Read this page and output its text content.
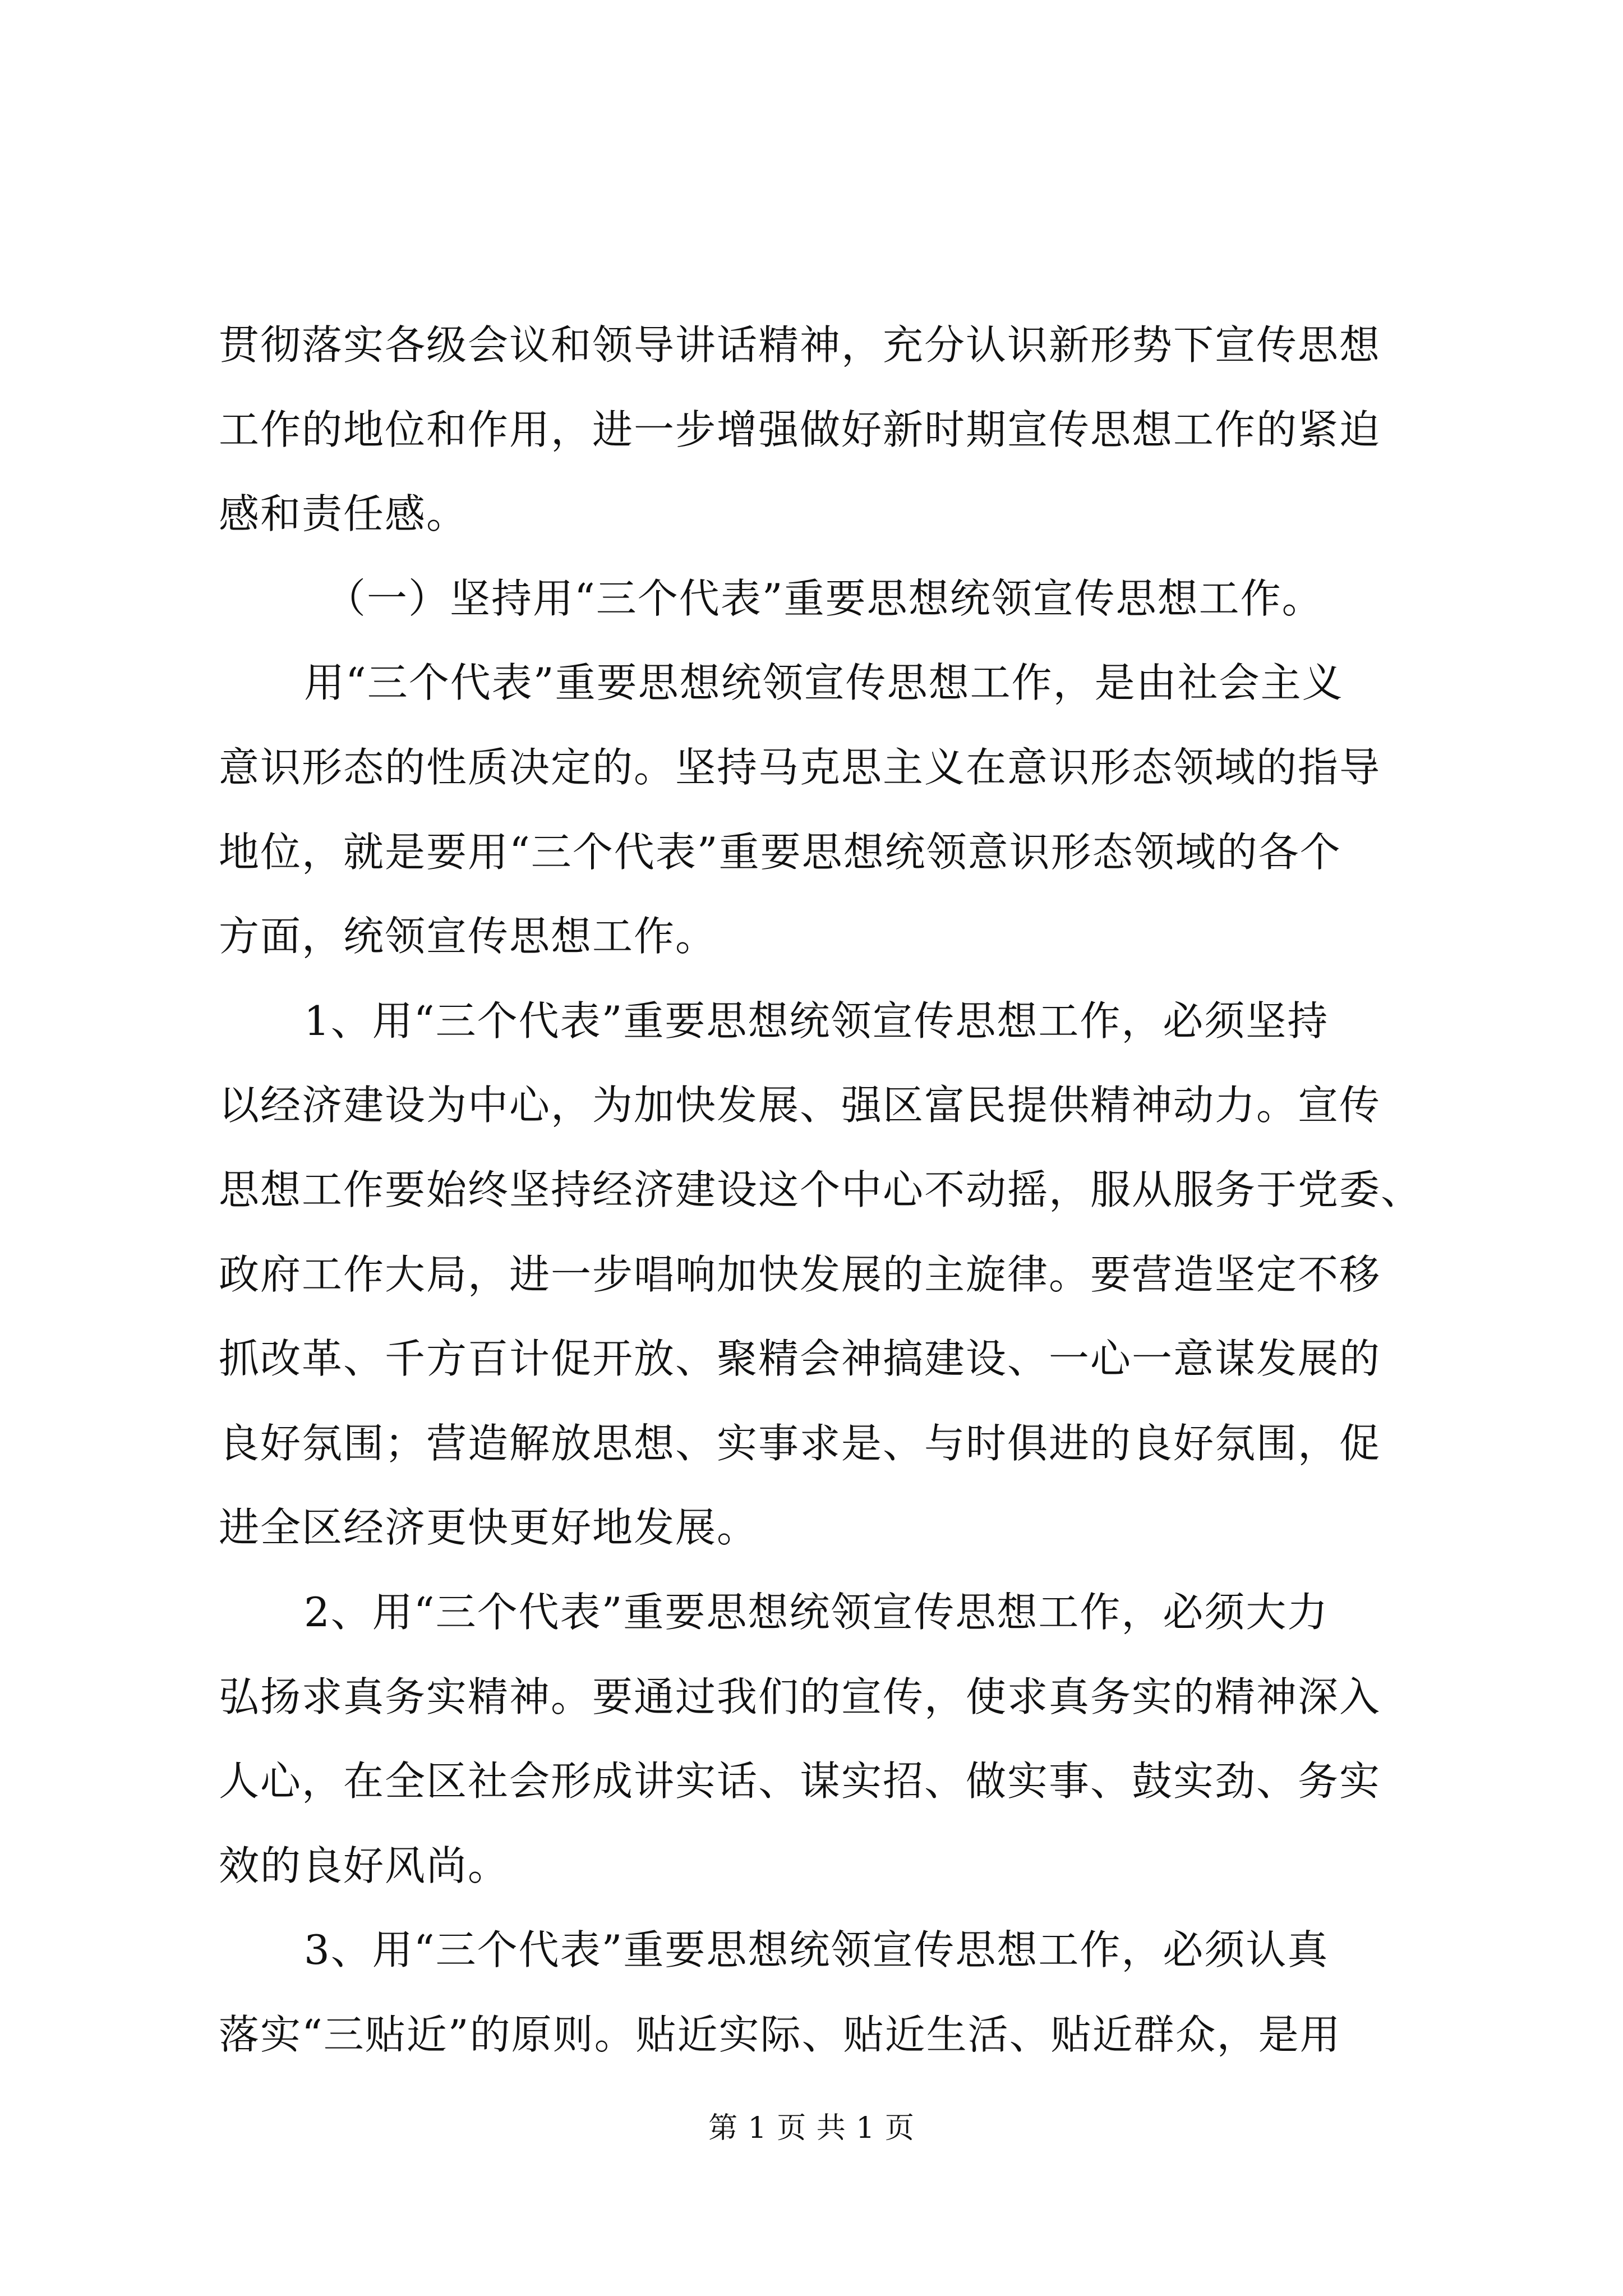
贯彻落实各级会议和领导讲话精神，充分认识新形势下宣传思想
工作的地位和作用，进一步增强做好新时期宣传思想工作的紧迫
感和责任感。
（一）坚持用“三个代表”重要思想统领宣传思想工作。
用“三个代表”重要思想统领宣传思想工作，是由社会主义
意识形态的性质决定的。坚持马克思主义在意识形态领域的指导
地位，就是要用“三个代表”重要思想统领意识形态领域的各个
方面，统领宣传思想工作。
1、用“三个代表”重要思想统领宣传思想工作，必须坚持
以经济建设为中心，为加快发展、强区富民提供精神动力。宣传
思想工作要始终坚持经济建设这个中心不动摇，服从服务于党委、
政府工作大局，进一步唱响加快发展的主旋律。要营造坚定不移
抓改革、千方百计促开放、聚精会神搞建设、一心一意谋发展的
良好氛围；营造解放思想、实事求是、与时俱进的良好氛围，促
进全区经济更快更好地发展。
2、用“三个代表”重要思想统领宣传思想工作，必须大力
弘扬求真务实精神。要通过我们的宣传，使求真务实的精神深入
人心，在全区社会形成讲实话、谋实招、做实事、鼓实劲、务实
效的良好风尚。
3、用“三个代表”重要思想统领宣传思想工作，必须认真
落实“三贴近”的原则。贴近实际、贴近生活、贴近群众，是用
第 1 页 共 1 页
